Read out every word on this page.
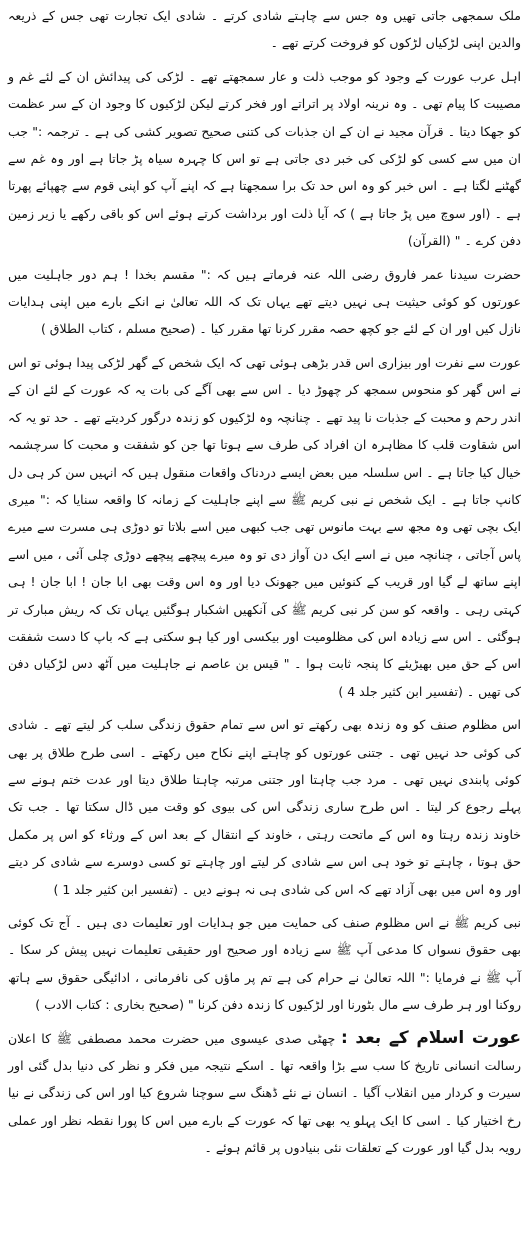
ملک سمجھی جاتی تھیں وہ جس سے چاہتے شادی کرتے ۔ شادی ایک تجارت تھی جس کے ذریعہ والدین اپنی لڑکیاں لڑکوں کو فروخت کرتے تھے ۔

اہل عرب عورت کے وجود کو موجب ذلت و عار سمجھتے تھے ۔ لڑکی کی پیدائش ان کے لئے غم و مصیبت کا پیام تھی ۔ وہ نرینہ اولاد پر اتراتے اور فخر کرتے لیکن لڑکیوں کا وجود ان کے سر عظمت کو جھکا دیتا ۔ قرآن مجید نے ان کے ان جذبات کی کتنی صحیح تصویر کشی کی ہے ۔ ترجمہ :" جب ان میں سے کسی کو لڑکی کی خبر دی جاتی ہے تو اس کا چہرہ سیاہ پڑ جاتا ہے اور وہ غم سے گھٹنے لگتا ہے ۔ اس خبر کو وہ اس حد تک برا سمجھتا ہے کہ اپنے آپ کو اپنی قوم سے چھپائے پھرتا ہے ۔ (اور سوچ میں پڑ جاتا ہے ) کہ آیا ذلت اور برداشت کرتے ہوئے اس کو باقی رکھے یا زیر زمین دفن کرے ۔ " (القرآن)

حضرت سیدنا عمر فاروق رضی اللہ عنہ فرماتے ہیں کہ :" مقسم بخدا ! ہم دور جاہلیت میں عورتوں کو کوئی حیثیت ہی نہیں دیتے تھے یہاں تک کہ اللہ تعالیٰ نے انکے بارے میں اپنی ہدایات نازل کیں اور ان کے لئے جو کچھ حصہ مقرر کرنا تھا مقرر کیا ۔ (صحیح مسلم ، کتاب الطلاق )

عورت سے نفرت اور بیزاری اس قدر بڑھی ہوئی تھی کہ ایک شخص کے گھر لڑکی پیدا ہوئی تو اس نے اس گھر کو منحوس سمجھ کر چھوڑ دیا ۔ اس سے بھی آگے کی بات یہ کہ عورت کے لئے ان کے اندر رحم و محبت کے جذبات نا پید تھے ۔ چنانچہ وہ لڑکیوں کو زندہ درگور کردیتے تھے ۔ حد تو یہ کہ اس شقاوت قلب کا مظاہرہ ان افراد کی طرف سے ہوتا تھا جن کو شفقت و محبت کا سرچشمہ خیال کیا جاتا ہے ۔ اس سلسلہ میں بعض ایسے دردناک واقعات منقول ہیں کہ انہیں سن کر ہی دل کانپ جاتا ہے ۔ ایک شخص نے نبی کریم ﷺ سے اپنے جاہلیت کے زمانہ کا واقعہ سنایا کہ :" میری ایک بچی تھی وہ مجھ سے بہت مانوس تھی جب کبھی میں اسے بلاتا تو دوڑی ہی مسرت سے میرے پاس آجاتی ، چنانچہ میں نے اسے ایک دن آواز دی تو وہ میرے پیچھے پیچھے دوڑی چلی آئی ، میں اسے اپنے ساتھ لے گیا اور قریب کے کنوئیں میں جھونک دیا اور وہ اس وقت بھی ابا جان ! ابا جان ! ہی کہتی رہی ۔ واقعہ کو سن کر نبی کریم ﷺ کی آنکھیں اشکبار ہوگئیں یہاں تک کہ ریش مبارک تر ہوگئی ۔ اس سے زیادہ اس کی مظلومیت اور بیکسی اور کیا ہو سکتی ہے کہ باپ کا دست شفقت اس کے حق میں بھیڑیئے کا پنجہ ثابت ہوا ۔ " قیس بن عاصم نے جاہلیت میں آٹھ دس لڑکیاں دفن کی تھیں ۔ (تفسیر ابن کثیر جلد 4 )

اس مظلوم صنف کو وہ زندہ بھی رکھتے تو اس سے تمام حقوق زندگی سلب کر لیتے تھے ۔ شادی کی کوئی حد نہیں تھی ۔ جتنی عورتوں کو چاہتے اپنے نکاح میں رکھتے ۔ اسی طرح طلاق پر بھی کوئی پابندی نہیں تھی ۔ مرد جب چاہتا اور جتنی مرتبہ چاہتا طلاق دیتا اور عدت ختم ہونے سے پہلے رجوع کر لیتا ۔ اس طرح ساری زندگی اس کی بیوی کو وقت میں ڈال سکتا تھا ۔ جب تک خاوند زندہ رہتا وہ اس کے ماتحت رہتی ، خاوند کے انتقال کے بعد اس کے ورثاء کو اس پر مکمل حق ہوتا ، چاہتے تو خود ہی اس سے شادی کر لیتے اور چاہتے تو کسی دوسرے سے شادی کر دیتے اور وہ اس میں بھی آزاد تھے کہ اس کی شادی ہی نہ ہونے دیں ۔ (تفسیر ابن کثیر جلد 1 )

نبی کریم ﷺ نے اس مظلوم صنف کی حمایت میں جو ہدایات اور تعلیمات دی ہیں ۔ آج تک کوئی بھی حقوق نسواں کا مدعی آپ ﷺ سے زیادہ اور صحیح اور حقیقی تعلیمات نہیں پیش کر سکا ۔ آپ ﷺ نے فرمایا :" اللہ تعالیٰ نے حرام کی ہے تم پر ماؤں کی نافرمانی ، ادائیگی حقوق سے ہاتھ روکنا اور ہر طرف سے مال بٹورنا اور لڑکیوں کا زندہ دفن کرنا " (صحیح بخاری : کتاب الادب )

عورت اسلام کے بعد : چھٹی صدی عیسوی میں حضرت محمد مصطفی ﷺ کا اعلان رسالت انسانی تاریخ کا سب سے بڑا واقعہ تھا ۔ اسکے نتیجہ میں فکر و نظر کی دنیا بدل گئی اور سیرت و کردار میں انقلاب آگیا ۔ انسان نے نئے ڈھنگ سے سوچنا شروع کیا اور اس کی زندگی نے نیا رخ اختیار کیا ۔ اسی کا ایک پہلو یہ بھی تھا کہ عورت کے بارے میں اس کا پورا نقطہ نظر اور عملی رویہ بدل گیا اور عورت کے تعلقات نئی بنیادوں پر قائم ہوئے ۔
